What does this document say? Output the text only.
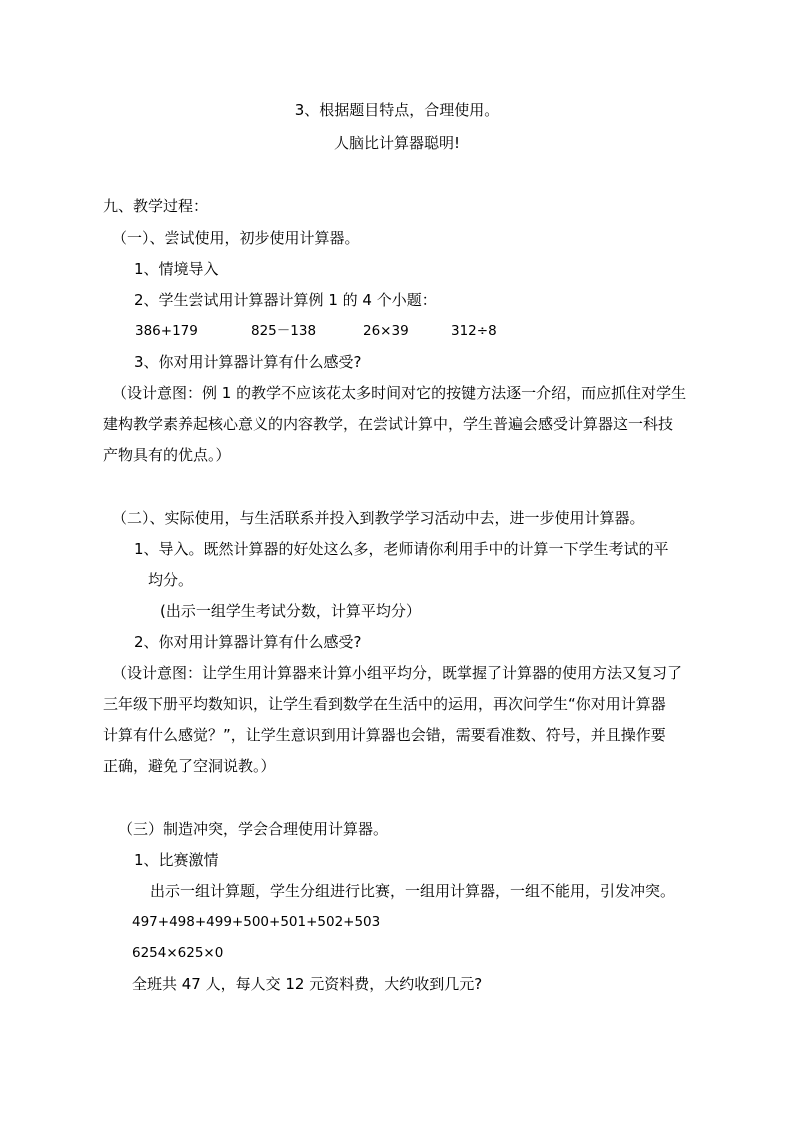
3、根据题目特点，合理使用。
人脑比计算器聪明!
九、教学过程：
（一）、尝试使用，初步使用计算器。
1、情境导入
2、学生尝试用计算器计算例 1 的 4 个小题：
386+179	825－138	26×39	312÷8
3、你对用计算器计算有什么感受?
（设计意图：例 1 的教学不应该花太多时间对它的按键方法逐一介绍，而应抓住对学生
建构教学素养起核心意义的内容教学，在尝试计算中，学生普遍会感受计算器这一科技
产物具有的优点。）
（二）、实际使用，与生活联系并投入到教学学习活动中去，进一步使用计算器。
1、导入。既然计算器的好处这么多，老师请你利用手中的计算一下学生考试的平
均分。
(出示一组学生考试分数，计算平均分）
2、你对用计算器计算有什么感受?
（设计意图：让学生用计算器来计算小组平均分，既掌握了计算器的使用方法又复习了
三年级下册平均数知识，让学生看到数学在生活中的运用，再次问学生“你对用计算器
计算有什么感觉？”，让学生意识到用计算器也会错，需要看准数、符号，并且操作要
正确，避免了空洞说教。）
（三）制造冲突，学会合理使用计算器。
1、比赛激情
出示一组计算题，学生分组进行比赛，一组用计算器，一组不能用，引发冲突。
497+498+499+500+501+502+503
6254×625×0
全班共 47 人，每人交 12 元资料费，大约收到几元?
